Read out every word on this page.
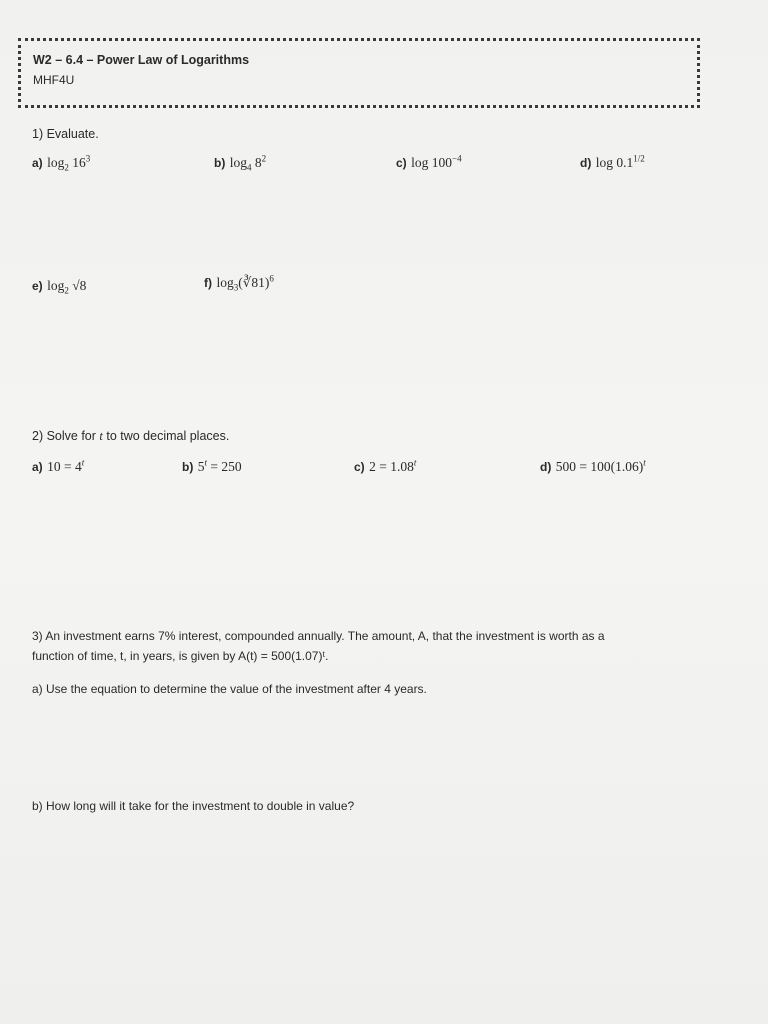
W2 – 6.4 – Power Law of Logarithms
MHF4U
1) Evaluate.
a) $\log_2 16^3$	b) $\log_4 8^2$	c) $\log 100^{-4}$	d) $\log 0.1^{1/2}$
e) $\log_2 √8$	f) $\log_3(∛81)^6$
2) Solve for t to two decimal places.
a) $10 = 4^t$	b) $5^t = 250$	c) $2 = 1.08^t$	d) $500 = 100(1.06)^t$
3) An investment earns 7% interest, compounded annually. The amount, A, that the investment is worth as a
function of time, t, in years, is given by A(t) = 500(1.07)ᵗ.
a) Use the equation to determine the value of the investment after 4 years.
b) How long will it take for the investment to double in value?
